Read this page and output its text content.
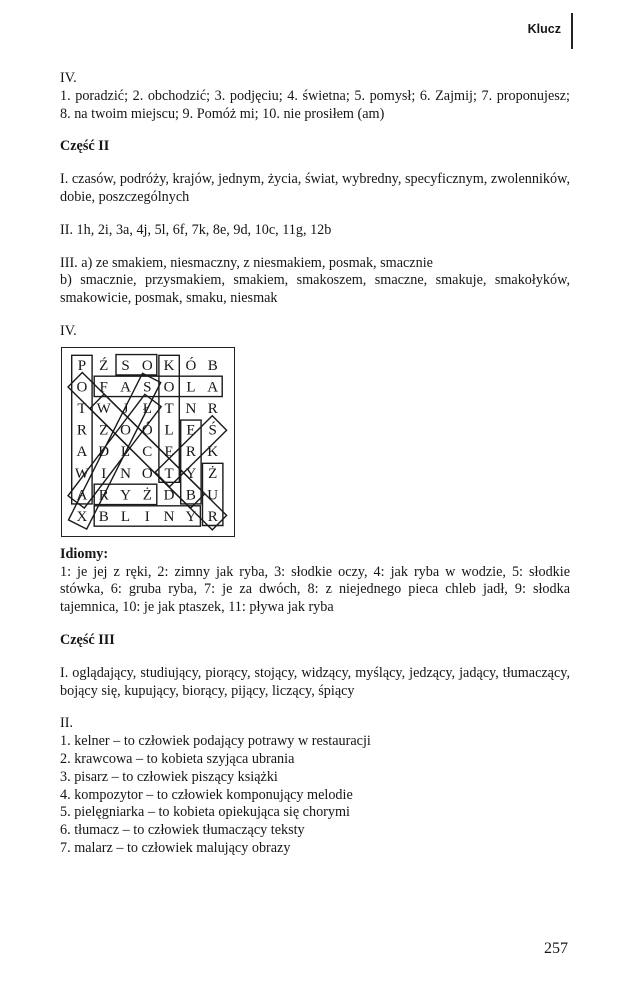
Klucz

IV.

1. poradzić; 2. obchodzić; 3. podjęciu; 4. świetna; 5. pomysł; 6. Zajmij; 7. proponujesz; 8. na twoim miejscu; 9. Pomóż mi; 10. nie prosiłem (am)

Część II

I. czasów, podróży, krajów, jednym, życia, świat, wybredny, specyficznym, zwolenników, dobie, poszczególnych

II. 1h, 2i, 3a, 4j, 5l, 6f, 7k, 8e, 9d, 10c, 11g, 12b

III. a) ze smakiem, niesmaczny, z niesmakiem, posmak, smacznie

b) smacznie, przysmakiem, smakiem, smakoszem, smaczne, smakuje, smakołyków, smakowicie, posmak, smaku, niesmak

IV.

P Ź S O K Ó B
O F A S O L A
T W J Ł T N R
R Z O Ó L E Ś
A D L C E R K
W I N O T Y Ż
A R Y Ż D B U
X B L I N Y R

Idiomy:

1: je jej z ręki, 2: zimny jak ryba, 3: słodkie oczy, 4: jak ryba w wodzie, 5: słodkie stówka, 6: gruba ryba, 7: je za dwóch, 8: z niejednego pieca chleb jadł, 9: słodka tajemnica, 10: je jak ptaszek, 11: pływa jak ryba

Część III

I. oglądający, studiujący, piorący, stojący, widzący, myślący, jedzący, jadący, tłumaczący, bojący się, kupujący, biorący, pijący, liczący, śpiący

II.

1. kelner – to człowiek podający potrawy w restauracji
2. krawcowa – to kobieta szyjąca ubrania
3. pisarz – to człowiek piszący książki
4. kompozytor – to człowiek komponujący melodie
5. pielęgniarka – to kobieta opiekująca się chorymi
6. tłumacz – to człowiek tłumaczący teksty
7. malarz – to człowiek malujący obrazy
257
